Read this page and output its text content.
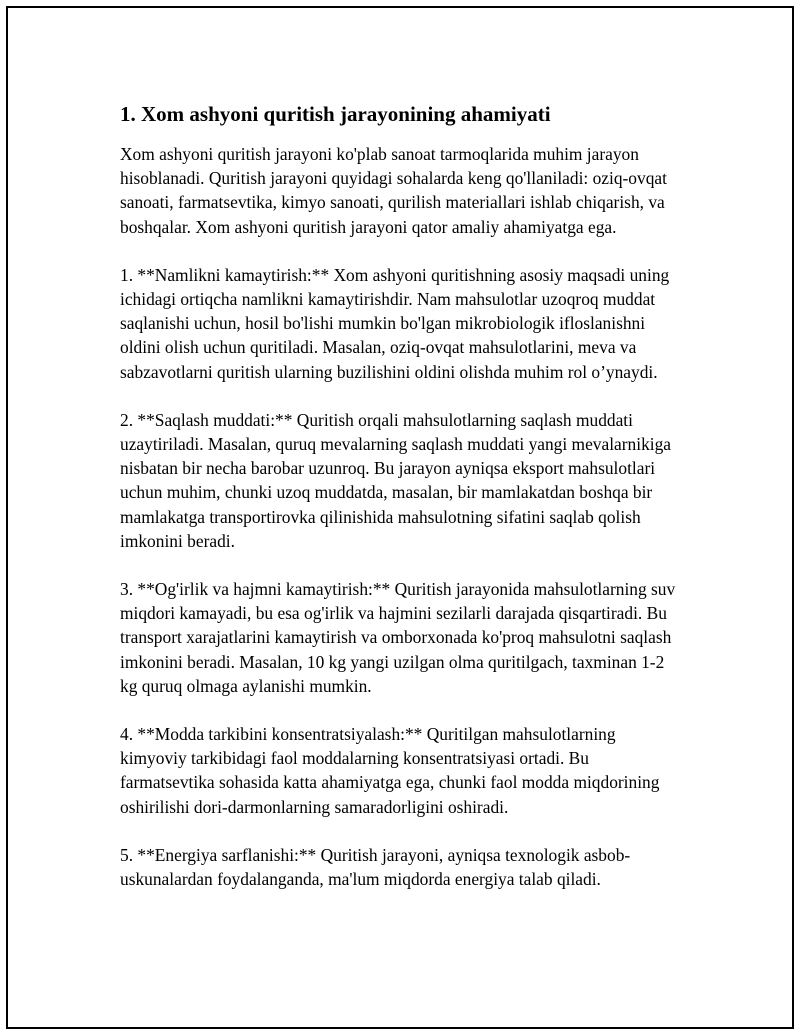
1. Xom ashyoni quritish jarayonining ahamiyati

Xom ashyoni quritish jarayoni ko'plab sanoat tarmoqlarida muhim jarayon hisoblanadi. Quritish jarayoni quyidagi sohalarda keng qo'llaniladi: oziq-ovqat sanoati, farmatsevtika, kimyo sanoati, qurilish materiallari ishlab chiqarish, va boshqalar. Xom ashyoni quritish jarayoni qator amaliy ahamiyatga ega.

1. **Namlikni kamaytirish:** Xom ashyoni quritishning asosiy maqsadi uning ichidagi ortiqcha namlikni kamaytirishdir. Nam mahsulotlar uzoqroq muddat saqlanishi uchun, hosil bo'lishi mumkin bo'lgan mikrobiologik ifloslanishni oldini olish uchun quritiladi. Masalan, oziq-ovqat mahsulotlarini, meva va sabzavotlarni quritish ularning buzilishini oldini olishda muhim rol o’ynaydi.

2. **Saqlash muddati:** Quritish orqali mahsulotlarning saqlash muddati uzaytiriladi. Masalan, quruq mevalarning saqlash muddati yangi mevalarnikiga nisbatan bir necha barobar uzunroq. Bu jarayon ayniqsa eksport mahsulotlari uchun muhim, chunki uzoq muddatda, masalan, bir mamlakatdan boshqa bir mamlakatga transportirovka qilinishida mahsulotning sifatini saqlab qolish imkonini beradi.

3. **Og'irlik va hajmni kamaytirish:** Quritish jarayonida mahsulotlarning suv miqdori kamayadi, bu esa og'irlik va hajmini sezilarli darajada qisqartiradi. Bu transport xarajatlarini kamaytirish va omborxonada ko'proq mahsulotni saqlash imkonini beradi. Masalan, 10 kg yangi uzilgan olma quritilgach, taxminan 1-2 kg quruq olmaga aylanishi mumkin.

4. **Modda tarkibini konsentratsiyalash:** Quritilgan mahsulotlarning kimyoviy tarkibidagi faol moddalarning konsentratsiyasi ortadi. Bu farmatsevtika sohasida katta ahamiyatga ega, chunki faol modda miqdorining oshirilishi dori-darmonlarning samaradorligini oshiradi.

5. **Energiya sarflanishi:** Quritish jarayoni, ayniqsa texnologik asbob-uskunalardan foydalanganda, ma'lum miqdorda energiya talab qiladi.
